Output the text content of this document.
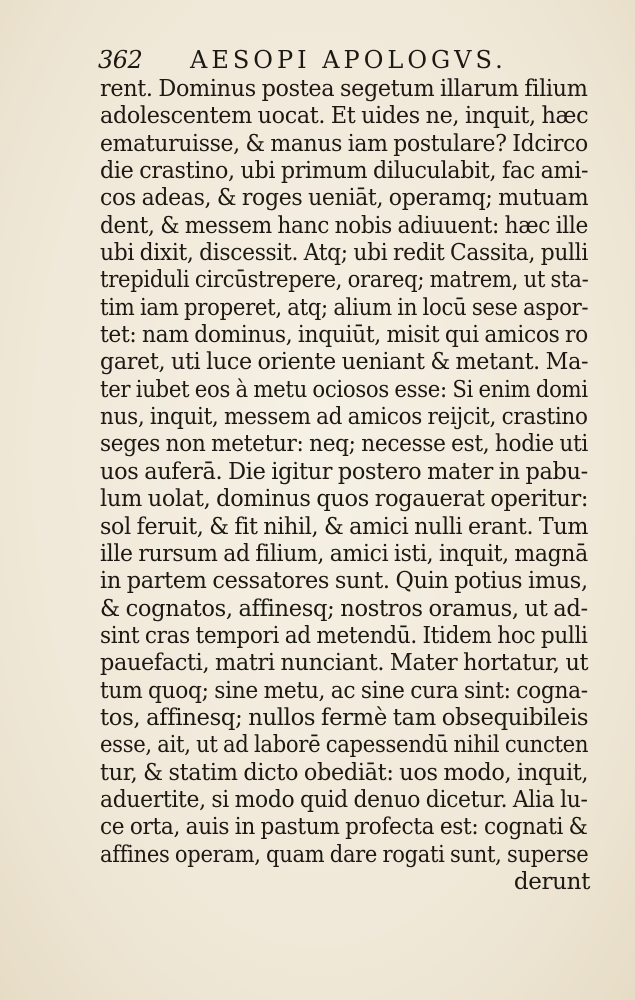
362 AESOPI APOLOGVS.
rent. Dominus postea segetum illarum filium
adolescentem uocat. Et uides ne, inquit, hæc
ematuruisse, & manus iam postulare? Idcirco
die crastino, ubi primum diluculabit, fac ami-
cos adeas, & roges ueniāt, operamq; mutuam
dent, & messem hanc nobis adiuuent: hæc ille
ubi dixit, discessit. Atq; ubi redit Cassita, pulli
trepiduli circūstrepere, orareq; matrem, ut sta-
tim iam properet, atq; alium in locū sese aspor-
tet: nam dominus, inquiūt, misit qui amicos ro
garet, uti luce oriente ueniant & metant. Ma-
ter iubet eos à metu ociosos esse: Si enim domi
nus, inquit, messem ad amicos reijcit, crastino
seges non metetur: neq; necesse est, hodie uti
uos auferā. Die igitur postero mater in pabu-
lum uolat, dominus quos rogauerat operitur:
sol feruit, & fit nihil, & amici nulli erant. Tum
ille rursum ad filium, amici isti, inquit, magnā
in partem cessatores sunt. Quin potius imus,
& cognatos, affinesq; nostros oramus, ut ad-
sint cras tempori ad metendū. Itidem hoc pulli
pauefacti, matri nunciant. Mater hortatur, ut
tum quoq; sine metu, ac sine cura sint: cogna-
tos, affinesq; nullos fermè tam obsequibileis
esse, ait, ut ad laborē capessendū nihil cuncten
tur, & statim dicto obediāt: uos modo, inquit,
aduertite, si modo quid denuo dicetur. Alia lu-
ce orta, auis in pastum profecta est: cognati &
affines operam, quam dare rogati sunt, superse
derunt
